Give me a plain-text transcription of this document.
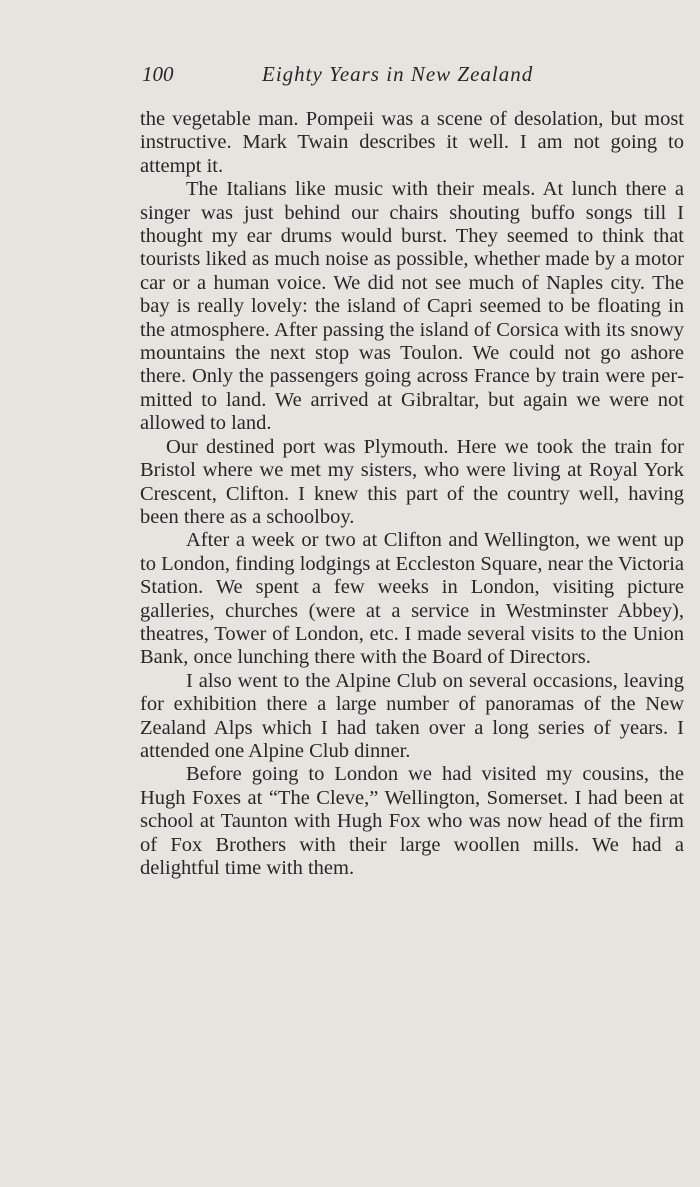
100	Eighty Years in New Zealand

the vegetable man. Pompeii was a scene of desolation, but most instructive. Mark Twain describes it well. I am not going to attempt it.

The Italians like music with their meals. At lunch there a singer was just behind our chairs shouting buffo songs till I thought my ear drums would burst. They seemed to think that tourists liked as much noise as possible, whether made by a motor car or a human voice. We did not see much of Naples city. The bay is really lovely: the island of Capri seemed to be floating in the atmosphere. After passing the island of Corsica with its snowy mountains the next stop was Toulon. We could not go ashore there. Only the passengers going across France by train were permitted to land. We arrived at Gibraltar, but again we were not allowed to land.

Our destined port was Plymouth. Here we took the train for Bristol where we met my sisters, who were living at Royal York Crescent, Clifton. I knew this part of the country well, having been there as a schoolboy.

After a week or two at Clifton and Wellington, we went up to London, finding lodgings at Eccleston Square, near the Victoria Station. We spent a few weeks in London, visiting picture galleries, churches (were at a service in Westminster Abbey), theatres, Tower of London, etc. I made several visits to the Union Bank, once lunching there with the Board of Directors.

I also went to the Alpine Club on several occasions, leaving for exhibition there a large number of panoramas of the New Zealand Alps which I had taken over a long series of years. I attended one Alpine Club dinner.

Before going to London we had visited my cousins, the Hugh Foxes at “The Cleve,” Wellington, Somerset. I had been at school at Taunton with Hugh Fox who was now head of the firm of Fox Brothers with their large woollen mills. We had a delightful time with them.
